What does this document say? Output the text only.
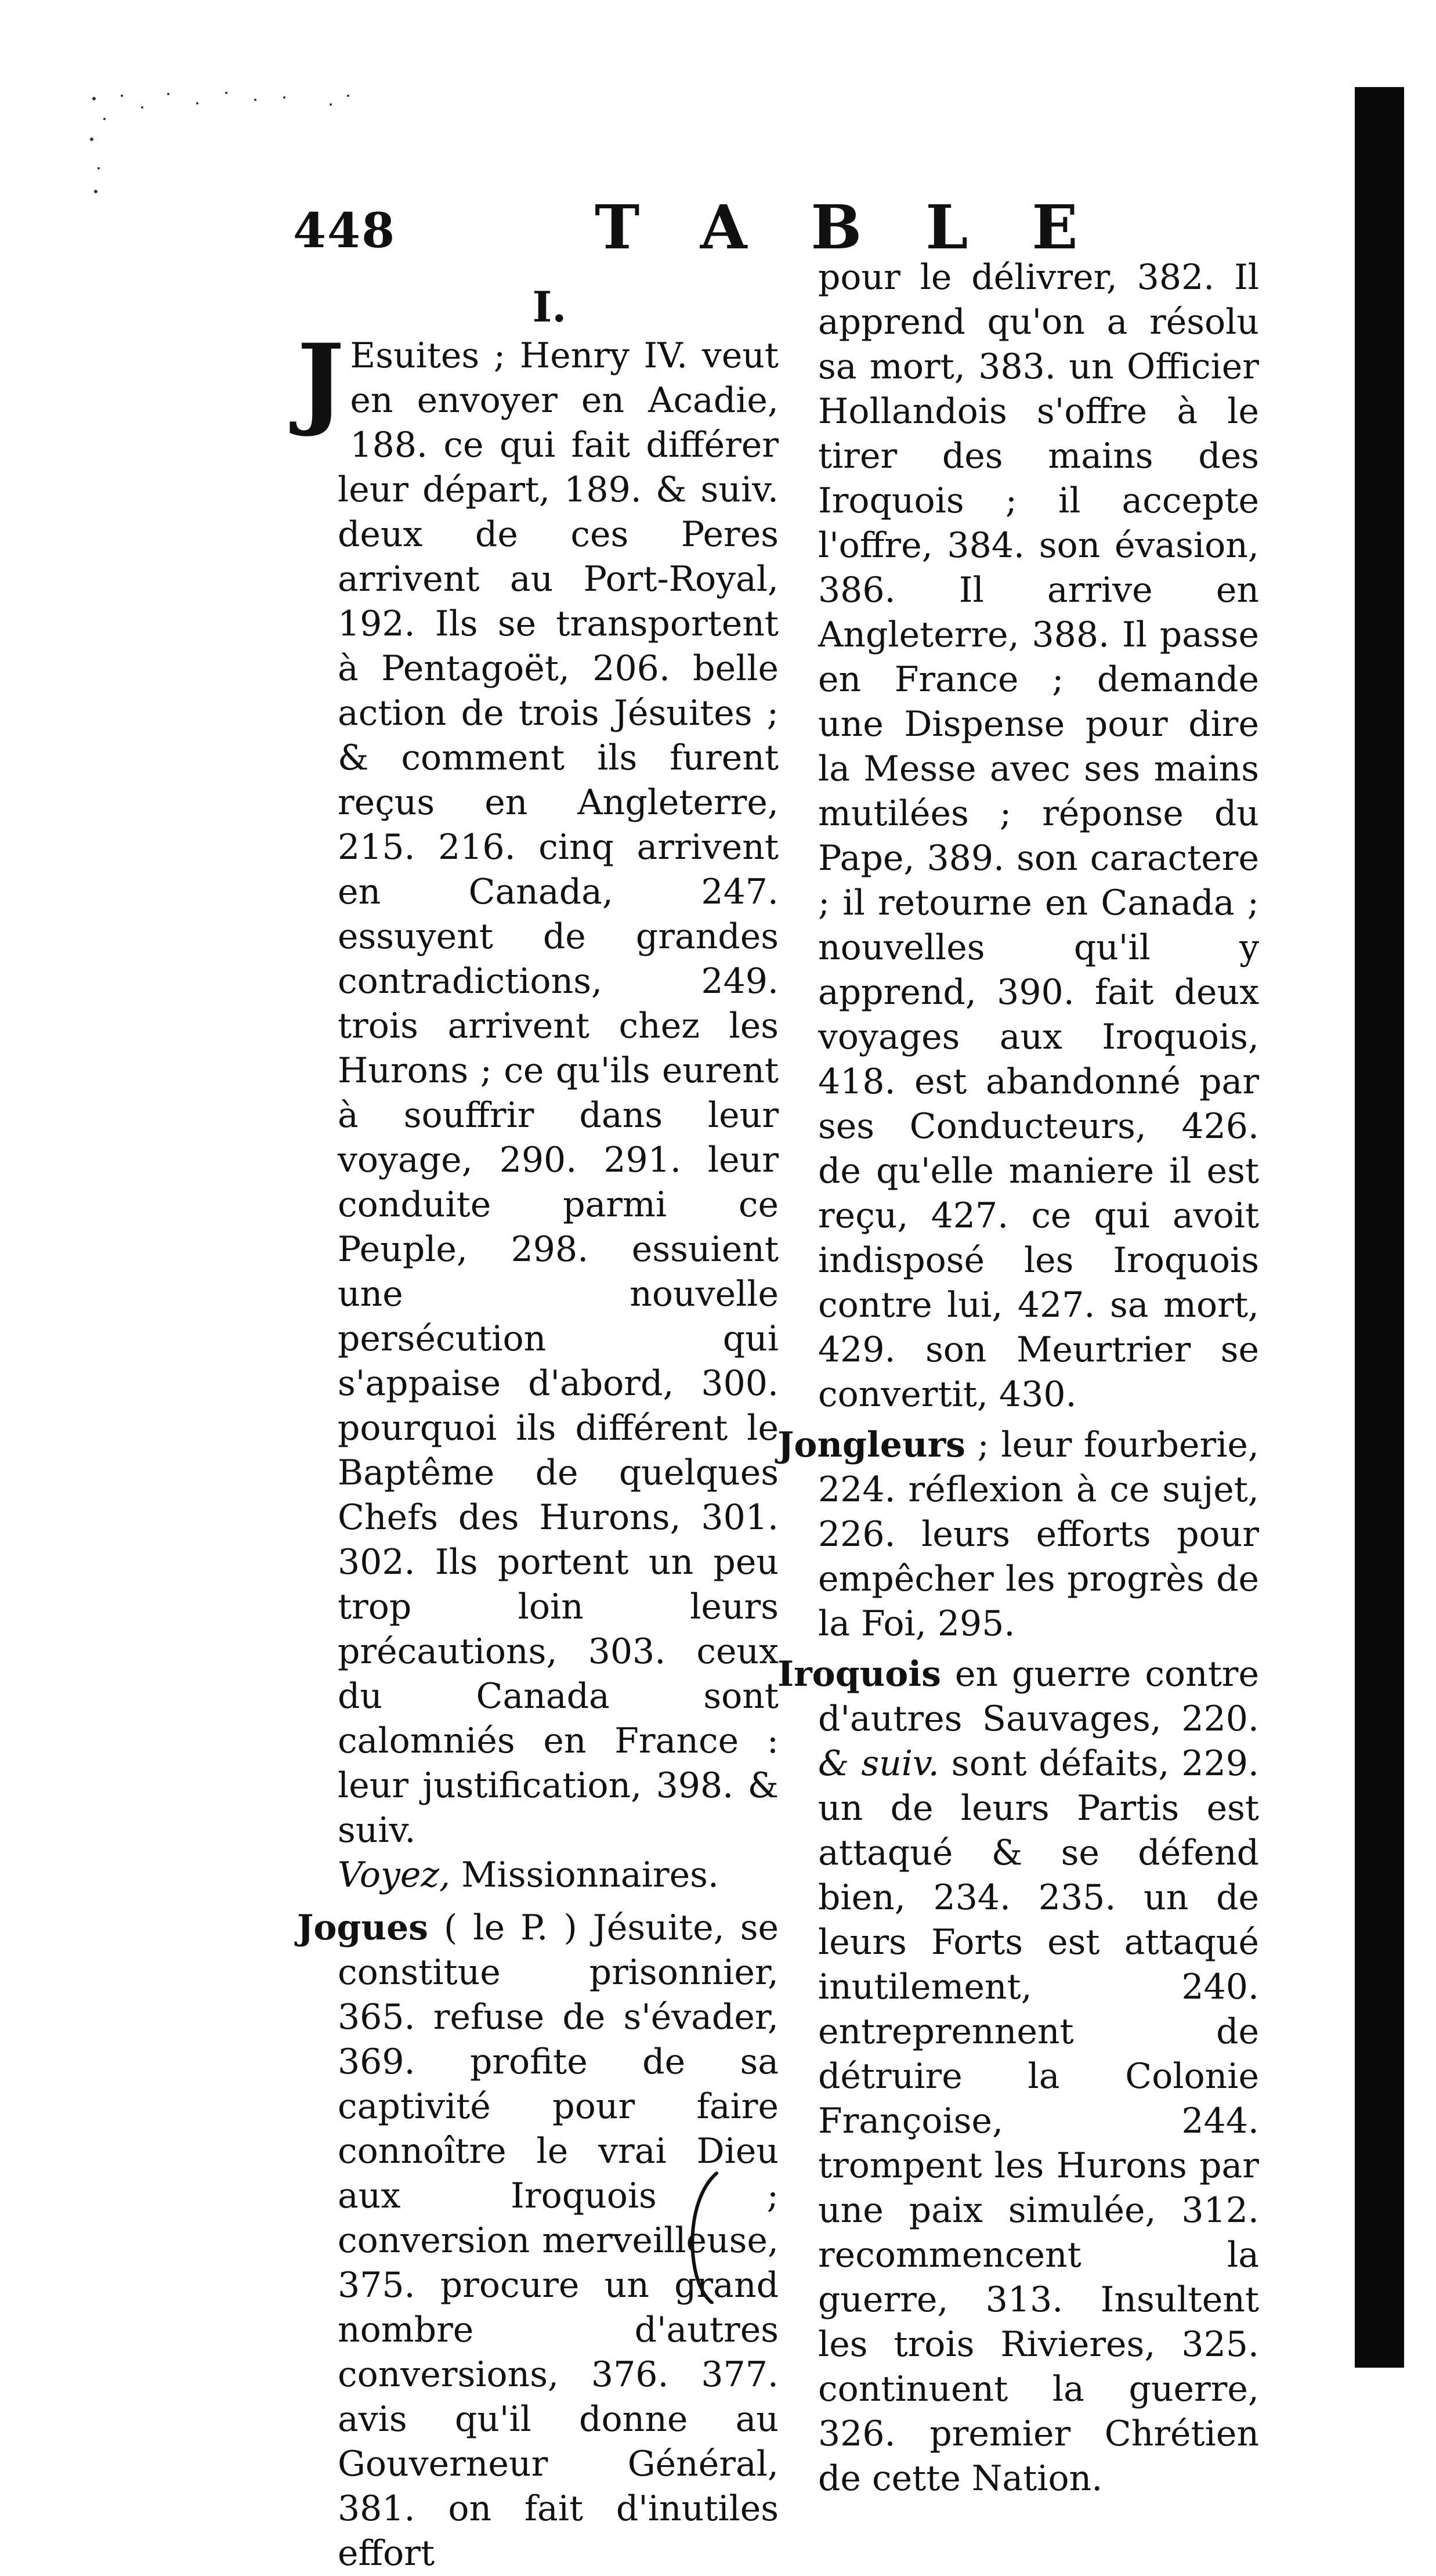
448	TABLE
I.
J Esuites ; Henry IV. veut en envoyer en Acadie, 188. ce qui fait différer leur départ, 189. & suiv. deux de ces Peres arrivent au Port-Royal, 192. Ils se transportent à Pentagoët, 206. belle action de trois Jésuites ; & comment ils furent reçus en Angleterre, 215. 216. cinq arrivent en Canada, 247. essuyent de grandes contradictions, 249. trois arrivent chez les Hurons ; ce qu'ils eurent à souffrir dans leur voyage, 290. 291. leur conduite parmi ce Peuple, 298. essuient une nouvelle persécution qui s'appaise d'abord, 300. pourquoi ils différent le Baptême de quelques Chefs des Hurons, 301. 302. Ils portent un peu trop loin leurs précautions, 303. ceux du Canada sont calomniés en France : leur justification, 398. & suiv.
Voyez, Missionnaires.
Jogues ( le P. ) Jésuite, se constitue prisonnier, 365. refuse de s'évader, 369. profite de sa captivité pour faire connoître le vrai Dieu aux Iroquois ; conversion merveilleuse, 375. procure un grand nombre d'autres conversions, 376. 377. avis qu'il donne au Gouverneur Général, 381. on fait d'inutiles effort
pour le délivrer, 382. Il apprend qu'on a résolu sa mort, 383. un Officier Hollandois s'offre à le tirer des mains des Iroquois ; il accepte l'offre, 384. son évasion, 386. Il arrive en Angleterre, 388. Il passe en France ; demande une Dispense pour dire la Messe avec ses mains mutilées ; réponse du Pape, 389. son caractere ; il retourne en Canada ; nouvelles qu'il y apprend, 390. fait deux voyages aux Iroquois, 418. est abandonné par ses Conducteurs, 426. de qu'elle maniere il est reçu, 427. ce qui avoit indisposé les Iroquois contre lui, 427. sa mort, 429. son Meurtrier se convertit, 430.
Jongleurs ; leur fourberie, 224. réflexion à ce sujet, 226. leurs efforts pour empêcher les progrès de la Foi, 295.
Iroquois en guerre contre d'autres Sauvages, 220. & suiv. sont défaits, 229. un de leurs Partis est attaqué & se défend bien, 234. 235. un de leurs Forts est attaqué inutilement, 240. entreprennent de détruire la Colonie Françoise, 244. trompent les Hurons par une paix simulée, 312. recommencent la guerre, 313. Insultent les trois Rivieres, 325. continuent la guerre, 326. premier Chrétien de cette Nation.
